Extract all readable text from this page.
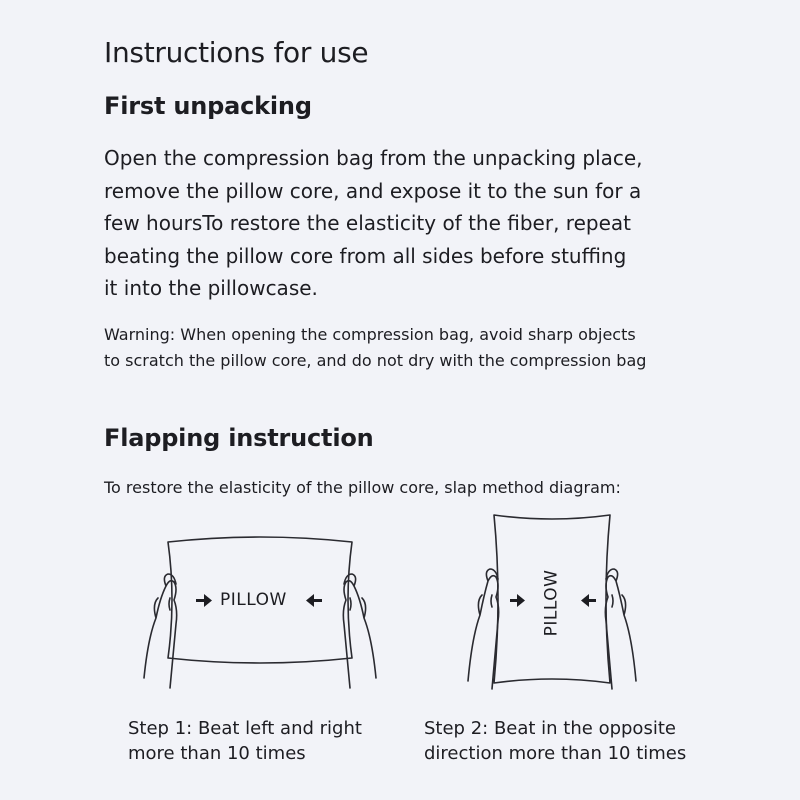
Instructions for use
First unpacking

Open the compression bag from the unpacking place,
remove the pillow core, and expose it to the sun for a
few hoursTo restore the elasticity of the fiber, repeat
beating the pillow core from all sides before stuffing
it into the pillowcase.

Warning: When opening the compression bag, avoid sharp objects
to scratch the pillow core, and do not dry with the compression bag

Flapping instruction

To restore the elasticity of the pillow core, slap method diagram:

PILLOW	PILLOW

Step 1: Beat left and right
more than 10 times

Step 2: Beat in the opposite
direction more than 10 times
